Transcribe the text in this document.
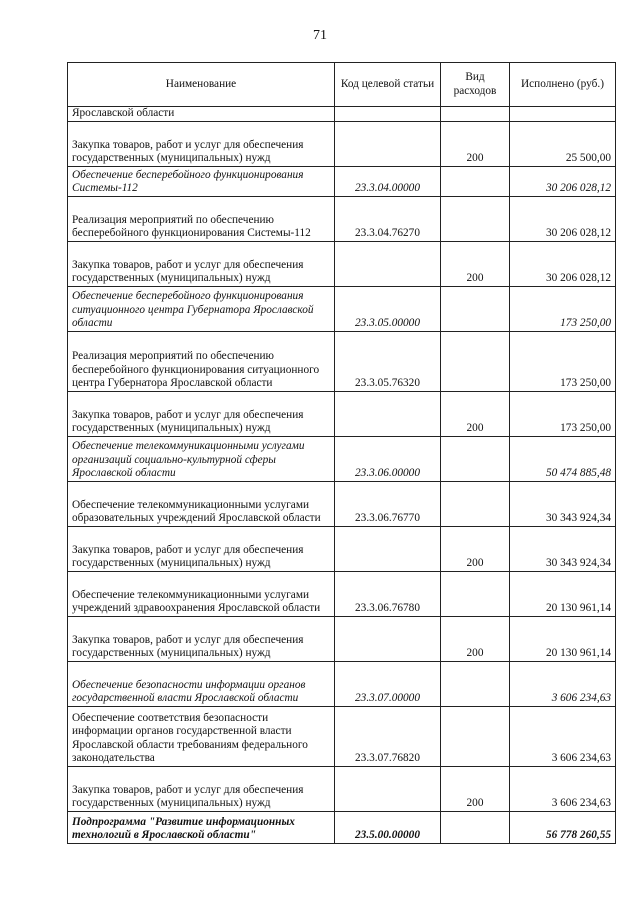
71
Наименование	Код целевой статьи	Вид расходов	Исполнено (руб.)
Ярославской области			
Закупка товаров, работ и услуг для обеспечения государственных (муниципальных) нужд		200	25 500,00
Обеспечение бесперебойного функционирования Системы-112	23.3.04.00000		30 206 028,12
Реализация мероприятий по обеспечению бесперебойного функционирования Системы-112	23.3.04.76270		30 206 028,12
Закупка товаров, работ и услуг для обеспечения государственных (муниципальных) нужд		200	30 206 028,12
Обеспечение бесперебойного функционирования ситуационного центра Губернатора Ярославской области	23.3.05.00000		173 250,00
Реализация мероприятий по обеспечению бесперебойного функционирования ситуационного центра Губернатора Ярославской области	23.3.05.76320		173 250,00
Закупка товаров, работ и услуг для обеспечения государственных (муниципальных) нужд		200	173 250,00
Обеспечение телекоммуникационными услугами организаций социально-культурной сферы Ярославской области	23.3.06.00000		50 474 885,48
Обеспечение телекоммуникационными услугами образовательных учреждений Ярославской области	23.3.06.76770		30 343 924,34
Закупка товаров, работ и услуг для обеспечения государственных (муниципальных) нужд		200	30 343 924,34
Обеспечение телекоммуникационными услугами учреждений здравоохранения Ярославской области	23.3.06.76780		20 130 961,14
Закупка товаров, работ и услуг для обеспечения государственных (муниципальных) нужд		200	20 130 961,14
Обеспечение безопасности информации органов государственной власти Ярославской области	23.3.07.00000		3 606 234,63
Обеспечение соответствия безопасности информации органов государственной власти Ярославской области требованиям федерального законодательства	23.3.07.76820		3 606 234,63
Закупка товаров, работ и услуг для обеспечения государственных (муниципальных) нужд		200	3 606 234,63
Подпрограмма "Развитие информационных технологий в Ярославской области"	23.5.00.00000		56 778 260,55
